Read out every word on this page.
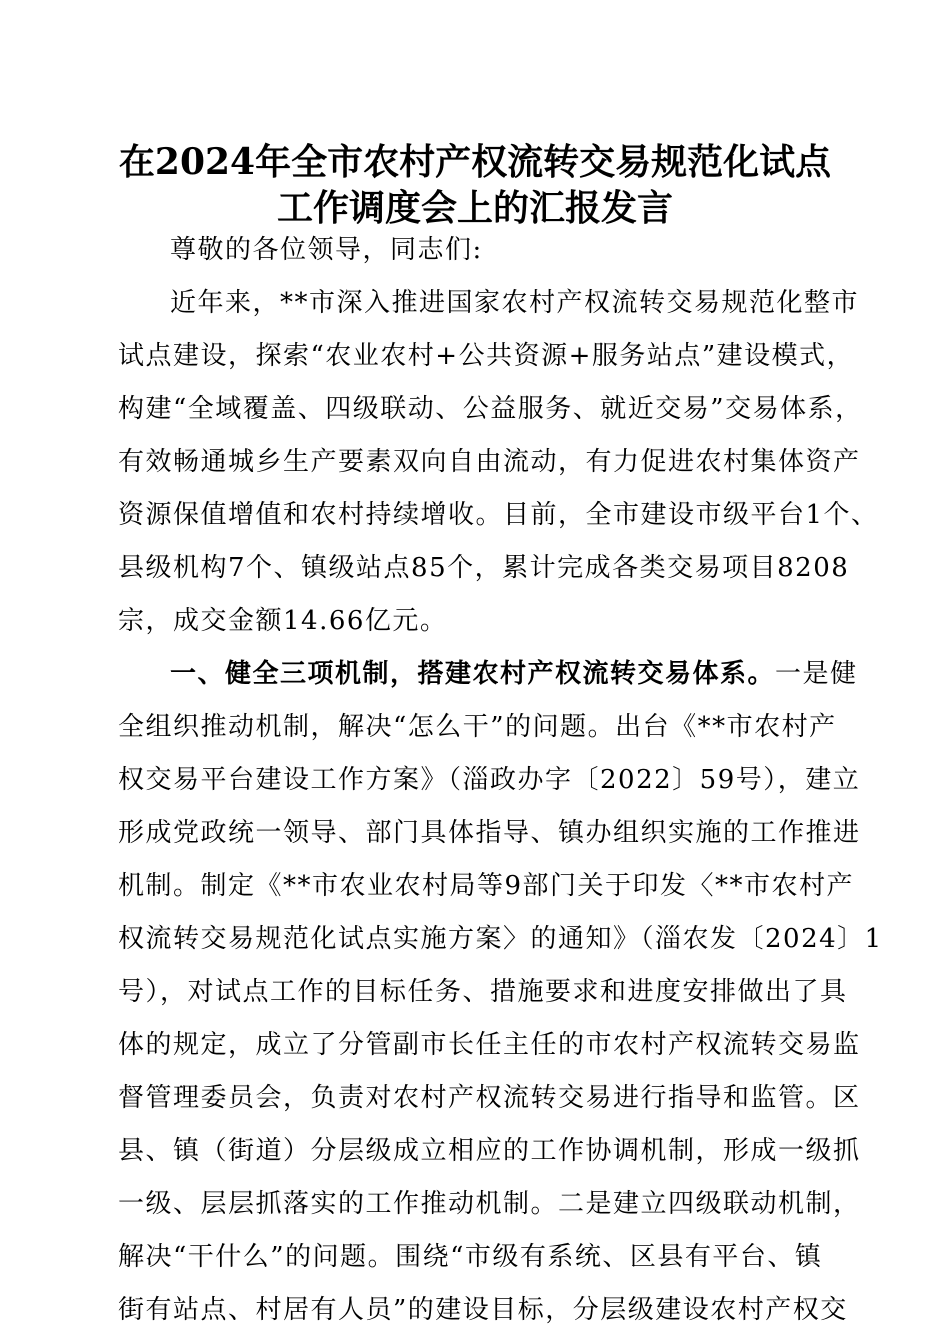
在2024年全市农村产权流转交易规范化试点
工作调度会上的汇报发言
尊敬的各位领导，同志们:
近年来，**市深入推进国家农村产权流转交易规范化整市
试点建设，探索“农业农村+公共资源+服务站点”建设模式，
构建“全域覆盖、四级联动、公益服务、就近交易”交易体系，
有效畅通城乡生产要素双向自由流动，有力促进农村集体资产
资源保值增值和农村持续增收。目前，全市建设市级平台1个、
县级机构7个、镇级站点85个，累计完成各类交易项目8208
宗，成交金额14.66亿元。
一、健全三项机制，搭建农村产权流转交易体系。一是健
全组织推动机制，解决“怎么干”的问题。出台《**市农村产
权交易平台建设工作方案》（淄政办字〔2022〕59号），建立
形成党政统一领导、部门具体指导、镇办组织实施的工作推进
机制。制定《**市农业农村局等9部门关于印发〈**市农村产
权流转交易规范化试点实施方案〉的通知》（淄农发〔2024〕1
号），对试点工作的目标任务、措施要求和进度安排做出了具
体的规定，成立了分管副市长任主任的市农村产权流转交易监
督管理委员会，负责对农村产权流转交易进行指导和监管。区
县、镇（街道）分层级成立相应的工作协调机制，形成一级抓
一级、层层抓落实的工作推动机制。二是建立四级联动机制，
解决“干什么”的问题。围绕“市级有系统、区县有平台、镇
街有站点、村居有人员”的建设目标，分层级建设农村产权交
